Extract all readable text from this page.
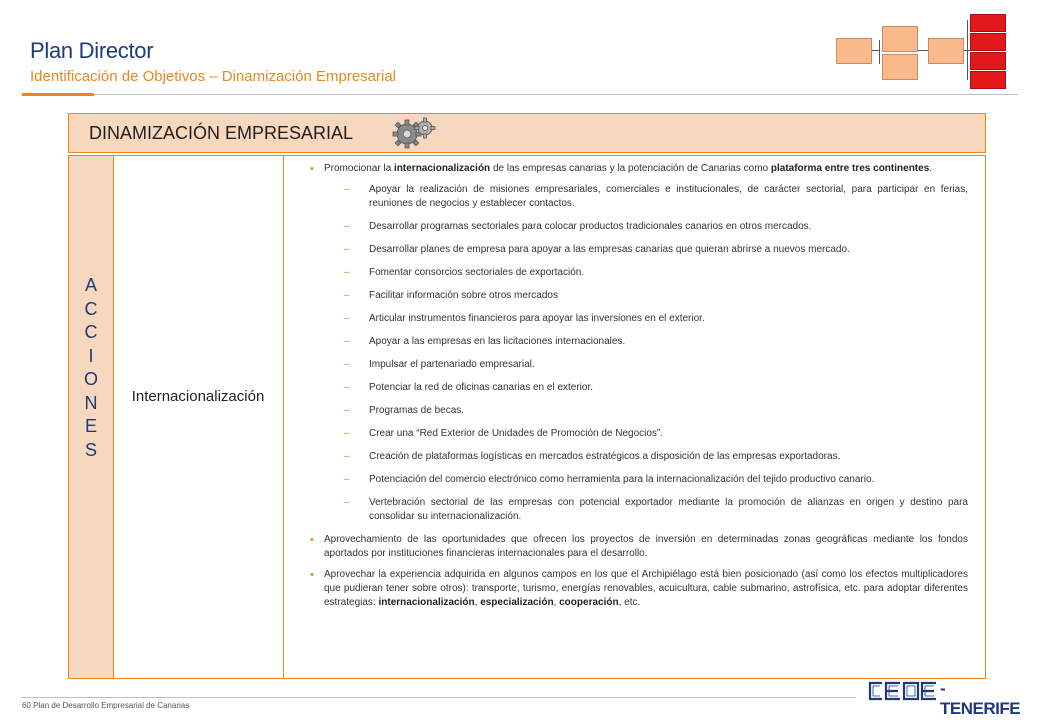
Plan Director
Identificación de Objetivos – Dinamización Empresarial
DINAMIZACIÓN EMPRESARIAL
A
C
C
I
O
N
E
S
Internacionalización
• Promocionar la internacionalización de las empresas canarias y la potenciación de Canarias como plataforma entre tres continentes.
– Apoyar la realización de misiones empresariales, comerciales e institucionales, de carácter sectorial, para participar en ferias, reuniones de negocios y establecer contactos.
– Desarrollar programas sectoriales para colocar productos tradicionales canarios en otros mercados.
– Desarrollar planes de empresa para apoyar a las empresas canarias que quieran abrirse a nuevos mercado.
– Fomentar consorcios sectoriales de exportación.
– Facilitar información sobre otros mercados
– Articular instrumentos financieros para apoyar las inversiones en el exterior.
– Apoyar a las empresas en las licitaciones internacionales.
– Impulsar el partenariado empresarial.
– Potenciar la red de oficinas canarias en el exterior.
– Programas de becas.
– Crear una “Red Exterior de Unidades de Promoción de Negocios”.
– Creación de plataformas logísticas en mercados estratégicos a disposición de las empresas exportadoras.
– Potenciación del comercio electrónico como herramienta para la internacionalización del tejido productivo canario.
– Vertebración sectorial de las empresas con potencial exportador mediante la promoción de alianzas en origen y destino para consolidar su internacionalización.
• Aprovechamiento de las oportunidades que ofrecen los proyectos de inversión en determinadas zonas geográficas mediante los fondos aportados por instituciones financieras internacionales para el desarrollo.
• Aprovechar la experiencia adquirida en algunos campos en los que el Archipiélago está bien posicionado (así como los efectos multiplicadores que pudieran tener sobre otros): transporte, turismo, energías renovables, acuicultura, cable submarino, astrofísica, etc. para adoptar diferentes estrategias: internacionalización, especialización, cooperación, etc.
60 Plan de Desarrollo Empresarial de Canarias
-TENERIFE
